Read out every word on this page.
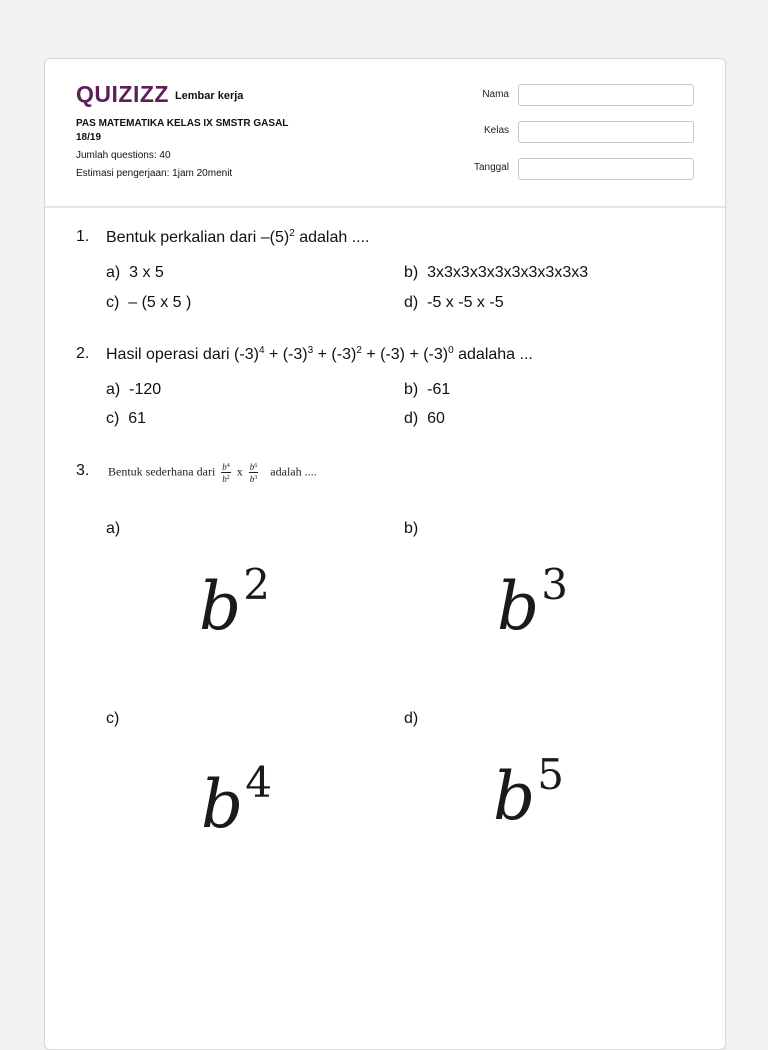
QUIZIZZ Lembar kerja
PAS MATEMATIKA KELAS IX SMSTR GASAL
18/19
Jumlah questions: 40
Estimasi pengerjaan: 1jam 20menit
Nama
Kelas
Tanggal
1. Bentuk perkalian dari $-(5)^2$ adalah ....
a) 3 x 5	b) 3x3x3x3x3x3x3x3x3x3
c) – (5 x 5 )	d) -5 x -5 x -5
2. Hasil operasi dari $(-3)^4 + (-3)^3 + (-3)^2 + (-3) + (-3)^0$ adalaha ...
a) -120	b) -61
c) 61	d) 60
3. Bentuk sederhana dari $\frac{b^4}{b^2}$ x $\frac{b^6}{b^3}$ adalah ....
a)	b)
$b^2$	$b^3$
c)	d)
$b^4$	$b^5$
